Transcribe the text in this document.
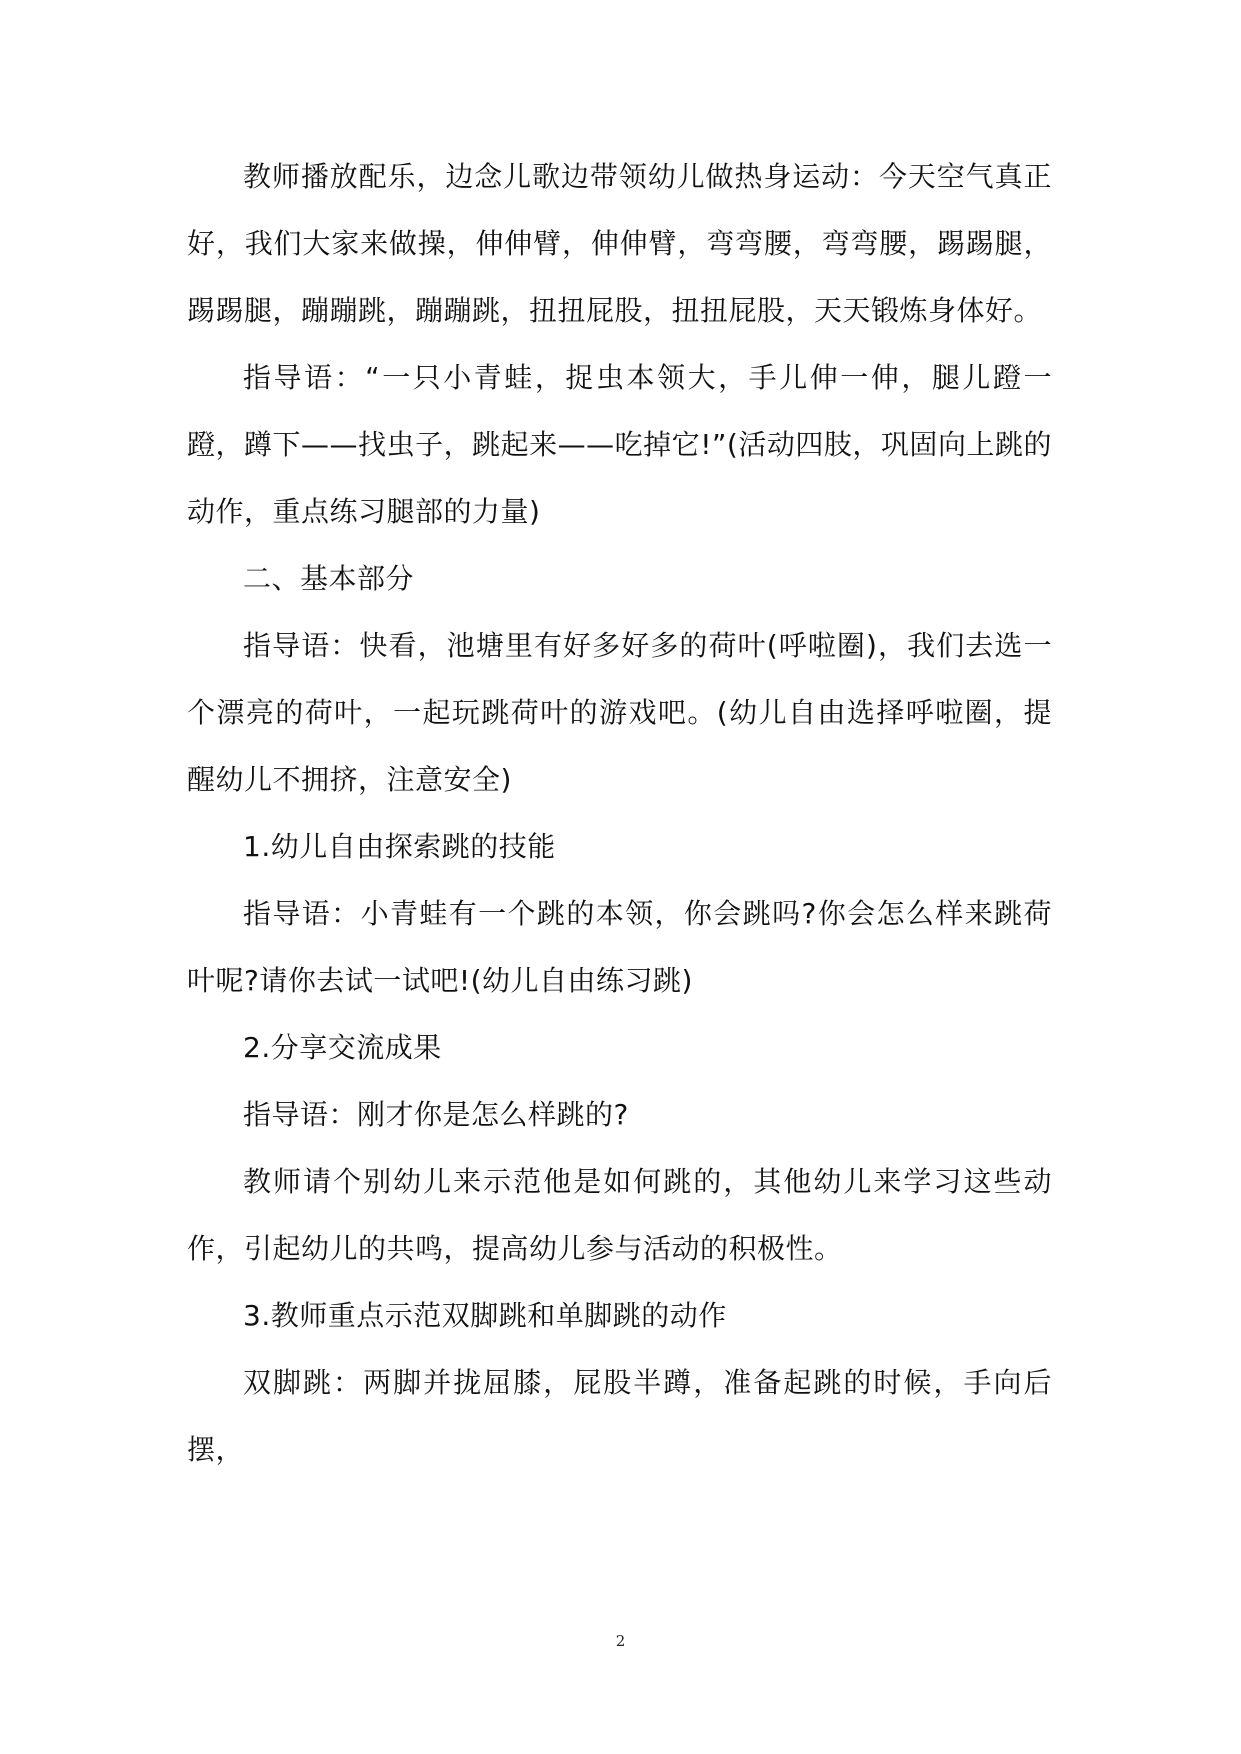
教师播放配乐，边念儿歌边带领幼儿做热身运动：今天空气真正好，我们大家来做操，伸伸臂，伸伸臂，弯弯腰，弯弯腰，踢踢腿，踢踢腿，蹦蹦跳，蹦蹦跳，扭扭屁股，扭扭屁股，天天锻炼身体好。

指导语：“一只小青蛙，捉虫本领大，手儿伸一伸，腿儿蹬一蹬，蹲下——找虫子，跳起来——吃掉它!”(活动四肢，巩固向上跳的动作，重点练习腿部的力量)

二、基本部分

指导语：快看，池塘里有好多好多的荷叶(呼啦圈)，我们去选一个漂亮的荷叶，一起玩跳荷叶的游戏吧。(幼儿自由选择呼啦圈，提醒幼儿不拥挤，注意安全)

1.幼儿自由探索跳的技能

指导语：小青蛙有一个跳的本领，你会跳吗?你会怎么样来跳荷叶呢?请你去试一试吧!(幼儿自由练习跳)

2.分享交流成果

指导语：刚才你是怎么样跳的?

教师请个别幼儿来示范他是如何跳的，其他幼儿来学习这些动作，引起幼儿的共鸣，提高幼儿参与活动的积极性。

3.教师重点示范双脚跳和单脚跳的动作

双脚跳：两脚并拢屈膝，屁股半蹲，准备起跳的时候，手向后摆，

2
